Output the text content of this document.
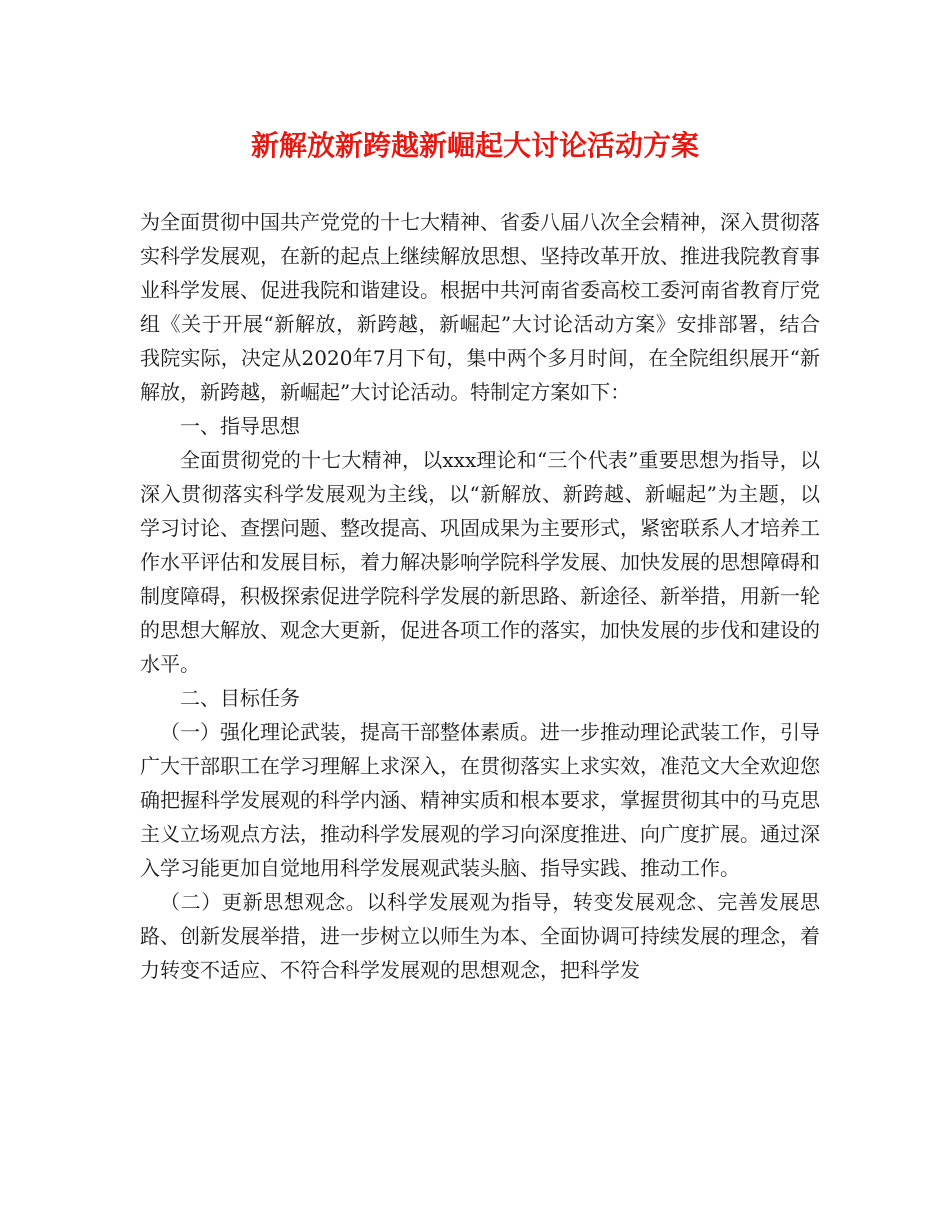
新解放新跨越新崛起大讨论活动方案

为全面贯彻中国共产党党的十七大精神、省委八届八次全会精神，深入贯彻落实科学发展观，在新的起点上继续解放思想、坚持改革开放、推进我院教育事业科学发展、促进我院和谐建设。根据中共河南省委高校工委河南省教育厅党组《关于开展“新解放，新跨越，新崛起”大讨论活动方案》安排部署，结合我院实际，决定从2020年7月下旬，集中两个多月时间，在全院组织展开“新解放，新跨越，新崛起”大讨论活动。特制定方案如下：

一、指导思想

全面贯彻党的十七大精神，以xxx理论和“三个代表”重要思想为指导，以深入贯彻落实科学发展观为主线，以“新解放、新跨越、新崛起”为主题，以学习讨论、查摆问题、整改提高、巩固成果为主要形式，紧密联系人才培养工作水平评估和发展目标，着力解决影响学院科学发展、加快发展的思想障碍和制度障碍，积极探索促进学院科学发展的新思路、新途径、新举措，用新一轮的思想大解放、观念大更新，促进各项工作的落实，加快发展的步伐和建设的水平。

二、目标任务

（一）强化理论武装，提高干部整体素质。进一步推动理论武装工作，引导广大干部职工在学习理解上求深入，在贯彻落实上求实效，准范文大全欢迎您确把握科学发展观的科学内涵、精神实质和根本要求，掌握贯彻其中的马克思主义立场观点方法，推动科学发展观的学习向深度推进、向广度扩展。通过深入学习能更加自觉地用科学发展观武装头脑、指导实践、推动工作。

（二）更新思想观念。以科学发展观为指导，转变发展观念、完善发展思路、创新发展举措，进一步树立以师生为本、全面协调可持续发展的理念，着力转变不适应、不符合科学发展观的思想观念，把科学发
